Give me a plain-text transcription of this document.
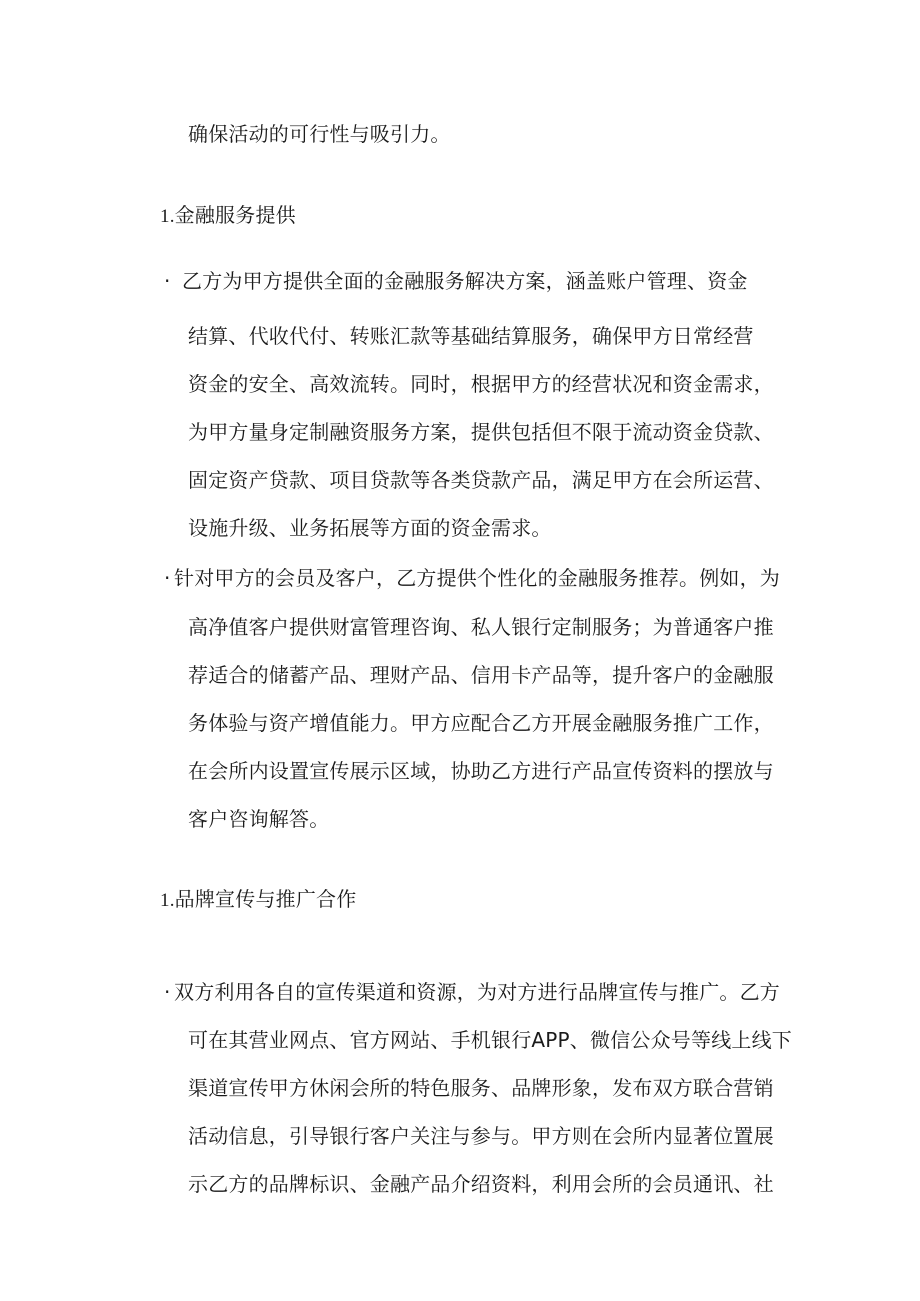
确保活动的可行性与吸引力。
1.金融服务提供
· 乙方为甲方提供全面的金融服务解决方案，涵盖账户管理、资金
结算、代收代付、转账汇款等基础结算服务，确保甲方日常经营
资金的安全、高效流转。同时，根据甲方的经营状况和资金需求，
为甲方量身定制融资服务方案，提供包括但不限于流动资金贷款、
固定资产贷款、项目贷款等各类贷款产品，满足甲方在会所运营、
设施升级、业务拓展等方面的资金需求。
· 针对甲方的会员及客户，乙方提供个性化的金融服务推荐。例如，为
高净值客户提供财富管理咨询、私人银行定制服务；为普通客户推
荐适合的储蓄产品、理财产品、信用卡产品等，提升客户的金融服
务体验与资产增值能力。甲方应配合乙方开展金融服务推广工作，
在会所内设置宣传展示区域，协助乙方进行产品宣传资料的摆放与
客户咨询解答。
1.品牌宣传与推广合作
· 双方利用各自的宣传渠道和资源，为对方进行品牌宣传与推广。乙方
可在其营业网点、官方网站、手机银行APP、微信公众号等线上线下
渠道宣传甲方休闲会所的特色服务、品牌形象，发布双方联合营销
活动信息，引导银行客户关注与参与。甲方则在会所内显著位置展
示乙方的品牌标识、金融产品介绍资料，利用会所的会员通讯、社
